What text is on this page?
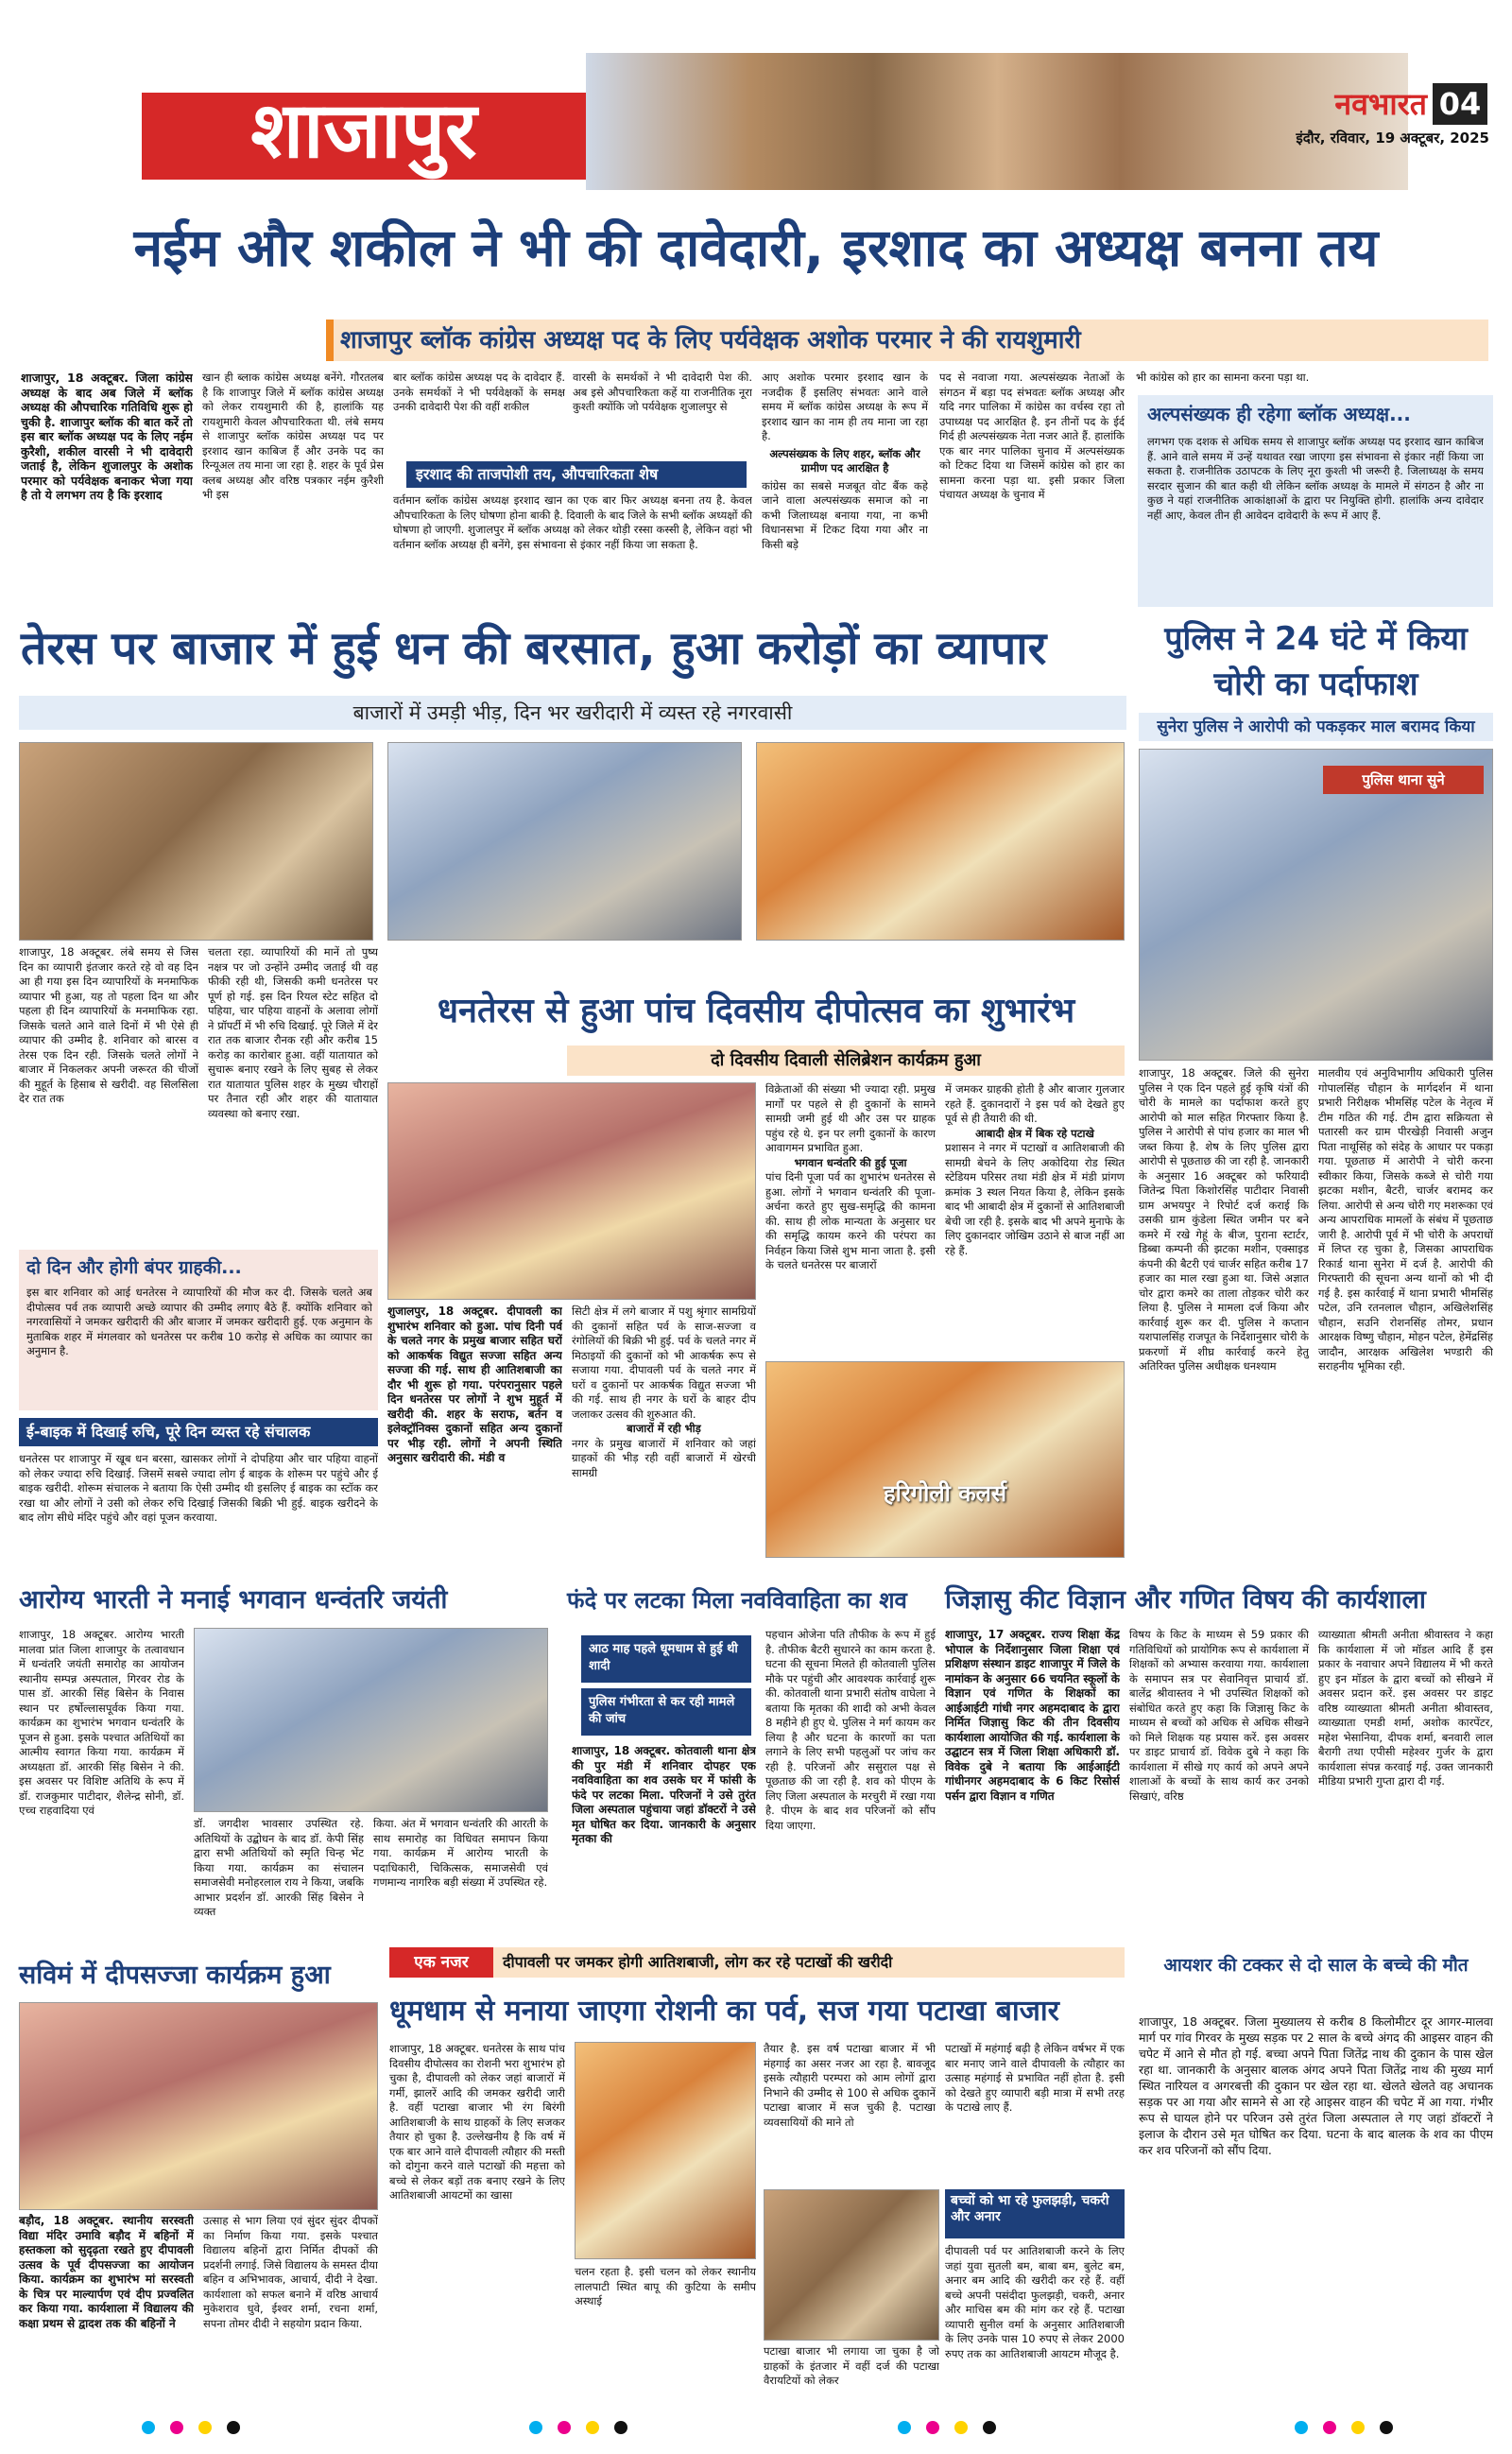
शाजापुर	नवभारत 04
इंदौर, रविवार, 19 अक्टूबर, 2025
नईम और शकील ने भी की दावेदारी, इरशाद का अध्यक्ष बनना तय
शाजापुर ब्लॉक कांग्रेस अध्यक्ष पद के लिए पर्यवेक्षक अशोक परमार ने की रायशुमारी
शाजापुर, 18 अक्टूबर. जिला कांग्रेस अध्यक्ष के बाद अब जिले में ब्लॉक अध्यक्ष की औपचारिक गतिविधि शुरू हो चुकी है. शाजापुर ब्लॉक की बात करें तो इस बार ब्लॉक अध्यक्ष पद के लिए नईम कुरैशी, शकील वारसी ने भी दावेदारी जताई है, लेकिन शुजालपुर के अशोक परमार को पर्यवेक्षक बनाकर भेजा गया है तो ये लगभग तय है कि इरशाद
खान ही ब्लाक कांग्रेस अध्यक्ष बनेंगे. गौरतलब है कि शाजापुर जिले में ब्लॉक कांग्रेस अध्यक्ष को लेकर रायशुमारी की है, हालांकि यह रायशुमारी केवल औपचारिकता थी. लंबे समय से शाजापुर ब्लॉक कांग्रेस अध्यक्ष पद पर इरशाद खान काबिज हैं और उनके पद का रिन्यूअल तय माना जा रहा है. शहर के पूर्व प्रेस क्लब अध्यक्ष और वरिष्ठ पत्रकार नईम कुरैशी भी इस
बार ब्लॉक कांग्रेस अध्यक्ष पद के दावेदार हैं. उनके समर्थकों ने भी पर्यवेक्षकों के समक्ष उनकी दावेदारी पेश की वहीं शकील
वारसी के समर्थकों ने भी दावेदारी पेश की. अब इसे औपचारिकता कहें या राजनीतिक नूरा कुश्ती क्योंकि जो पर्यवेक्षक शुजालपुर से
आए अशोक परमार इरशाद खान के नजदीक हैं इसलिए संभवतः आने वाले समय में ब्लॉक कांग्रेस अध्यक्ष के रूप में इरशाद खान का नाम ही तय माना जा रहा है.
अल्पसंख्यक के लिए शहर, ब्लॉक और ग्रामीण पद आरक्षित है
कांग्रेस का सबसे मजबूत वोट बैंक कहे जाने वाला अल्पसंख्यक समाज को ना कभी जिलाध्यक्ष बनाया गया, ना कभी विधानसभा में टिकट दिया गया और ना किसी बड़े
पद से नवाजा गया. अल्पसंख्यक नेताओं के संगठन में बड़ा पद संभवतः ब्लॉक अध्यक्ष और यदि नगर पालिका में कांग्रेस का वर्चस्व रहा तो उपाध्यक्ष पद आरक्षित है. इन तीनों पद के ईर्द गिर्द ही अल्पसंख्यक नेता नजर आते हैं. हालांकि एक बार नगर पालिका चुनाव में अल्पसंख्यक को टिकट दिया था जिसमें कांग्रेस को हार का सामना करना पड़ा था. इसी प्रकार जिला पंचायत अध्यक्ष के चुनाव में
भी कांग्रेस को हार का सामना करना पड़ा था.
इरशाद की ताजपोशी तय, औपचारिकता शेष
वर्तमान ब्लॉक कांग्रेस अध्यक्ष इरशाद खान का एक बार फिर अध्यक्ष बनना तय है. केवल औपचारिकता के लिए घोषणा होना बाकी है. दिवाली के बाद जिले के सभी ब्लॉक अध्यक्षों की घोषणा हो जाएगी. शुजालपुर में ब्लॉक अध्यक्ष को लेकर थोड़ी रस्सा कस्सी है, लेकिन वहां भी वर्तमान ब्लॉक अध्यक्ष ही बनेंगे, इस संभावना से इंकार नहीं किया जा सकता है.
अल्पसंख्यक ही रहेगा ब्लॉक अध्यक्ष...
लगभग एक दशक से अधिक समय से शाजापुर ब्लॉक अध्यक्ष पद इरशाद खान काबिज हैं. आने वाले समय में उन्हें यथावत रखा जाएगा इस संभावना से इंकार नहीं किया जा सकता है. राजनीतिक उठापटक के लिए नूरा कुश्ती भी जरूरी है. जिलाध्यक्ष के समय सरदार सुजान की बात कही थी लेकिन ब्लॉक अध्यक्ष के मामले में संगठन है और ना कुछ ने यहां राजनीतिक आकांक्षाओं के द्वारा पर नियुक्ति होगी. हालांकि अन्य दावेदार नहीं आए, केवल तीन ही आवेदन दावेदारी के रूप में आए हैं.
तेरस पर बाजार में हुई धन की बरसात, हुआ करोड़ों का व्यापार
बाजारों में उमड़ी भीड़, दिन भर खरीदारी में व्यस्त रहे नगरवासी
शाजापुर, 18 अक्टूबर. लंबे समय से जिस दिन का व्यापारी इंतजार करते रहे वो वह दिन आ ही गया इस दिन व्यापारियों के मनमाफिक व्यापार भी हुआ, यह तो पहला दिन था और पहला ही दिन व्यापारियों के मनमाफिक रहा. जिसके चलते आने वाले दिनों में भी ऐसे ही व्यापार की उम्मीद है. शनिवार को बारस व तेरस एक दिन रही. जिसके चलते लोगों ने बाजार में निकलकर अपनी जरूरत की चीजों की मुहूर्त के हिसाब से खरीदी. वह सिलसिला देर रात तक
चलता रहा. व्यापारियों की मानें तो पुष्य नक्षत्र पर जो उन्होंने उम्मीद जताई थी वह फीकी रही थी, जिसकी कमी धनतेरस पर पूर्ण हो गई. इस दिन रियल स्टेट सहित दो पहिया, चार पहिया वाहनों के अलावा लोगों ने प्रॉपर्टी में भी रुचि दिखाई. पूरे जिले में देर रात तक बाजार रौनक रही और करीब 15 करोड़ का कारोबार हुआ. वहीं यातायात को सुचारू बनाए रखने के लिए सुबह से लेकर रात यातायात पुलिस शहर के मुख्य चौराहों पर तैनात रही और शहर की यातायात व्यवस्था को बनाए रखा.
दो दिन और होगी बंपर ग्राहकी...
इस बार शनिवार को आई धनतेरस ने व्यापारियों की मौज कर दी. जिसके चलते अब दीपोत्सव पर्व तक व्यापारी अच्छे व्यापार की उम्मीद लगाए बैठे हैं. क्योंकि शनिवार को नगरवासियों ने जमकर खरीदारी की और बाजार में जमकर खरीदारी हुई. एक अनुमान के मुताबिक शहर में मंगलवार को धनतेरस पर करीब 10 करोड़ से अधिक का व्यापार का अनुमान है.
ई-बाइक में दिखाई रुचि, पूरे दिन व्यस्त रहे संचालक
धनतेरस पर शाजापुर में खूब धन बरसा, खासकर लोगों ने दोपहिया और चार पहिया वाहनों को लेकर ज्यादा रुचि दिखाई. जिसमें सबसे ज्यादा लोग ई बाइक के शोरूम पर पहुंचे और ई बाइक खरीदी. शोरूम संचालक ने बताया कि ऐसी उम्मीद थी इसलिए ई बाइक का स्टॉक कर रखा था और लोगों ने उसी को लेकर रुचि दिखाई जिसकी बिक्री भी हुई. बाइक खरीदने के बाद लोग सीधे मंदिर पहुंचे और वहां पूजन करवाया.
पुलिस ने 24 घंटे में किया चोरी का पर्दाफाश
सुनेरा पुलिस ने आरोपी को पकड़कर माल बरामद किया
पुलिस थाना सुने
शाजापुर, 18 अक्टूबर. जिले की सुनेरा पुलिस ने एक दिन पहले हुई कृषि यंत्रों की चोरी के मामले का पर्दाफाश करते हुए आरोपी को माल सहित गिरफ्तार किया है. पुलिस ने आरोपी से पांच हजार का माल भी जब्त किया है. शेष के लिए पुलिस द्वारा आरोपी से पूछताछ की जा रही है. जानकारी के अनुसार 16 अक्टूबर को फरियादी जितेन्द्र पिता किशोरसिंह पाटीदार निवासी ग्राम अभयपुर ने रिपोर्ट दर्ज कराई कि उसकी ग्राम कुंडेला स्थित जमीन पर बने कमरे में रखे गेहूं के बीज, पुराना स्टार्टर, डिब्बा कम्पनी की झटका मशीन, एक्साइड कंपनी की बैटरी एवं चार्जर सहित करीब 17 हजार का माल रखा हुआ था. जिसे अज्ञात चोर द्वारा कमरे का ताला तोड़कर चोरी कर लिया है. पुलिस ने मामला दर्ज किया और कार्रवाई शुरू कर दी. पुलिस ने कप्तान यशपालसिंह राजपूत के निर्देशानुसार चोरी के प्रकरणों में शीघ्र कार्रवाई करने हेतु अतिरिक्त पुलिस अधीक्षक धनश्याम
मालवीय एवं अनुविभागीय अधिकारी पुलिस गोपालसिंह चौहान के मार्गदर्शन में थाना प्रभारी निरीक्षक भीमसिंह पटेल के नेतृत्व में टीम गठित की गई. टीम द्वारा सक्रियता से पतारसी कर ग्राम पीरखेड़ी निवासी अजुन पिता नाथूसिंह को संदेह के आधार पर पकड़ा गया. पूछताछ में आरोपी ने चोरी करना स्वीकार किया, जिसके कब्जे से चोरी गया झटका मशीन, बैटरी, चार्जर बरामद कर लिया. आरोपी से अन्य चोरी गए मशरूका एवं अन्य आपराधिक मामलों के संबंध में पूछताछ जारी है. आरोपी पूर्व में भी चोरी के अपराधों में लिप्त रह चुका है, जिसका आपराधिक रिकार्ड थाना सुनेरा में दर्ज है. आरोपी की गिरफ्तारी की सूचना अन्य थानों को भी दी गई है. इस कार्रवाई में थाना प्रभारी भीमसिंह पटेल, उनि रतनलाल चौहान, अखिलेशसिंह चौहान, सउनि रोशनसिंह तोमर, प्रधान आरक्षक विष्णु चौहान, मोहन पटेल, हेमेंद्रसिंह जादौन, आरक्षक अखिलेश भण्डारी की सराहनीय भूमिका रही.
धनतेरस से हुआ पांच दिवसीय दीपोत्सव का शुभारंभ
दो दिवसीय दिवाली सेलिब्रेशन कार्यक्रम हुआ
शुजालपुर, 18 अक्टूबर. दीपावली का शुभारंभ शनिवार को हुआ. पांच दिनी पर्व के चलते नगर के प्रमुख बाजार सहित घरों को आकर्षक विद्युत सज्जा सहित अन्य सज्जा की गई. साथ ही आतिशबाजी का दौर भी शुरू हो गया. परंपरानुसार पहले दिन धनतेरस पर लोगों ने शुभ मुहूर्त में खरीदी की. शहर के सराफ, बर्तन व इलेक्ट्रॉनिक्स दुकानों सहित अन्य दुकानों पर भीड़ रही. लोगों ने अपनी स्थिति अनुसार खरीदारी की. मंडी व
सिटी क्षेत्र में लगे बाजार में पशु श्रृंगार सामग्रियों की दुकानों सहित पर्व के साज-सज्जा व रंगोलियों की बिक्री भी हुई. पर्व के चलते नगर में मिठाइयों की दुकानों को भी आकर्षक रूप से सजाया गया. दीपावली पर्व के चलते नगर में घरों व दुकानों पर आकर्षक विद्युत सज्जा भी की गई. साथ ही नगर के घरों के बाहर दीप जलाकर उत्सव की शुरुआत की.
बाजारों में रही भीड़
नगर के प्रमुख बाजारों में शनिवार को जहां ग्राहकों की भीड़ रही वहीं बाजारों में खेरची सामग्री
विक्रेताओं की संख्या भी ज्यादा रही. प्रमुख मार्गों पर पहले से ही दुकानों के सामने सामग्री जमी हुई थी और उस पर ग्राहक पहुंच रहे थे. इन पर लगी दुकानों के कारण आवागमन प्रभावित हुआ.
भगवान धन्वंतरि की हुई पूजा
पांच दिनी पूजा पर्व का शुभारंभ धनतेरस से हुआ. लोगों ने भगवान धन्वंतरि की पूजा-अर्चना करते हुए सुख-समृद्धि की कामना की. साथ ही लोक मान्यता के अनुसार घर की समृद्धि कायम करने की परंपरा का निर्वहन किया जिसे शुभ माना जाता है. इसी के चलते धनतेरस पर बाजारों
में जमकर ग्राहकी होती है और बाजार गुलजार रहते हैं. दुकानदारों ने इस पर्व को देखते हुए पूर्व से ही तैयारी की थी.
आबादी क्षेत्र में बिक रहे पटाखे
प्रशासन ने नगर में पटाखों व आतिशबाजी की सामग्री बेचने के लिए अकोदिया रोड स्थित स्टेडियम परिसर तथा मंडी क्षेत्र में मंडी प्रांगण क्रमांक 3 स्थल नियत किया है, लेकिन इसके बाद भी आबादी क्षेत्र में दुकानों से आतिशबाजी बेची जा रही है. इसके बाद भी अपने मुनाफे के लिए दुकानदार जोखिम उठाने से बाज नहीं आ रहे हैं.
हरिगोली कलर्स
आरोग्य भारती ने मनाई भगवान धन्वंतरि जयंती
शाजापुर, 18 अक्टूबर. आरोग्य भारती मालवा प्रांत जिला शाजापुर के तत्वावधान में धन्वंतरि जयंती समारोह का आयोजन स्थानीय सम्पन्न अस्पताल, गिरवर रोड के पास डॉ. आरकी सिंह बिसेन के निवास स्थान पर हर्षोल्लासपूर्वक किया गया. कार्यक्रम का शुभारंभ भगवान धन्वंतरि के पूजन से हुआ. इसके पश्चात अतिथियों का आत्मीय स्वागत किया गया. कार्यक्रम में अध्यक्षता डॉ. आरकी सिंह बिसेन ने की. इस अवसर पर विशिष्ट अतिथि के रूप में डॉ. राजकुमार पाटीदार, शैलेन्द्र सोनी, डॉ. एच्च राहवादिया एवं
डॉ. जगदीश भावसार उपस्थित रहे. अतिथियों के उद्बोधन के बाद डॉ. केपी सिंह द्वारा सभी अतिथियों को स्मृति चिन्ह भेंट किया गया. कार्यक्रम का संचालन समाजसेवी मनोहरलाल राय ने किया, जबकि आभार प्रदर्शन डॉ. आरकी सिंह बिसेन ने व्यक्त
किया. अंत में भगवान धन्वंतरि की आरती के साथ समारोह का विधिवत समापन किया गया. कार्यक्रम में आरोग्य भारती के पदाधिकारी, चिकित्सक, समाजसेवी एवं गणमान्य नागरिक बड़ी संख्या में उपस्थित रहे.
फंदे पर लटका मिला नवविवाहिता का शव
आठ माह पहले धूमधाम से हुई थी शादी
पुलिस गंभीरता से कर रही मामले की जांच
शाजापुर, 18 अक्टूबर. कोतवाली थाना क्षेत्र की पुर मंडी में शनिवार दोपहर एक नवविवाहिता का शव उसके घर में फांसी के फंदे पर लटका मिला. परिजनों ने उसे तुरंत जिला अस्पताल पहुंचाया जहां डॉक्टरों ने उसे मृत घोषित कर दिया. जानकारी के अनुसार मृतका की
पहचान ओजेना पति तौफीक के रूप में हुई है. तौफीक बैटरी सुधारने का काम करता है. घटना की सूचना मिलते ही कोतवाली पुलिस मौके पर पहुंची और आवश्यक कार्रवाई शुरू की. कोतवाली थाना प्रभारी संतोष वाघेला ने बताया कि मृतका की शादी को अभी केवल 8 महीने ही हुए थे. पुलिस ने मर्ग कायम कर लिया है और घटना के कारणों का पता लगाने के लिए सभी पहलुओं पर जांच कर रही है. परिजनों और ससुराल पक्ष से पूछताछ की जा रही है. शव को पीएम के लिए जिला अस्पताल के मरचुरी में रखा गया है. पीएम के बाद शव परिजनों को सौंप दिया जाएगा.
जिज्ञासु कीट विज्ञान और गणित विषय की कार्यशाला
शाजापुर, 17 अक्टूबर. राज्य शिक्षा केंद्र भोपाल के निर्देशानुसार जिला शिक्षा एवं प्रशिक्षण संस्थान डाइट शाजापुर में जिले के नामांकन के अनुसार 66 चयनित स्कूलों के विज्ञान एवं गणित के शिक्षकों का आईआईटी गांधी नगर अहमदाबाद के द्वारा निर्मित जिज्ञासु किट की तीन दिवसीय कार्यशाला आयोजित की गई. कार्यशाला के उद्घाटन सत्र में जिला शिक्षा अधिकारी डॉ. विवेक दुबे ने बताया कि आईआईटी गांधीनगर अहमदाबाद के 6 किट रिसोर्स पर्सन द्वारा विज्ञान व गणित
विषय के किट के माध्यम से 59 प्रकार की गतिविधियों को प्रायोगिक रूप से कार्यशाला में शिक्षकों को अभ्यास करवाया गया. कार्यशाला के समापन सत्र पर सेवानिवृत्त प्राचार्य डॉ. बालेंद्र श्रीवास्तव ने भी उपस्थित शिक्षकों को संबोधित करते हुए कहा कि जिज्ञासु किट के माध्यम से बच्चों को अधिक से अधिक सीखने को मिले शिक्षक यह प्रयास करें. इस अवसर पर डाइट प्राचार्य डॉ. विवेक दुबे ने कहा कि कार्यशाला में सीखे गए कार्य को अपने अपने शालाओं के बच्चों के साथ कार्य कर उनको सिखाएं, वरिष्ठ
व्याख्याता श्रीमती अनीता श्रीवास्तव ने कहा कि कार्यशाला में जो मॉडल आदि हैं इस प्रकार के नवाचार अपने विद्यालय में भी करते हुए इन मॉडल के द्वारा बच्चों को सीखने में अवसर प्रदान करें. इस अवसर पर डाइट वरिष्ठ व्याख्याता श्रीमती अनीता श्रीवास्तव, व्याख्याता एमडी शर्मा, अशोक कारपेंटर, महेश भेसानिया, दीपक शर्मा, बनवारी लाल बैरागी तथा एपीसी महेश्वर गुर्जर के द्वारा कार्यशाला संपन्न करवाई गई. उक्त जानकारी मीडिया प्रभारी गुप्ता द्वारा दी गई.
सविमं में दीपसज्जा कार्यक्रम हुआ
बड़ौद, 18 अक्टूबर. स्थानीय सरस्वती विद्या मंदिर उमावि बड़ौद में बहिनों में हस्तकला को सुदृढ़ता रखते हुए दीपावली उत्सव के पूर्व दीपसज्जा का आयोजन किया. कार्यक्रम का शुभारंभ मां सरस्वती के चित्र पर माल्यार्पण एवं दीप प्रज्वलित कर किया गया. कार्यशाला में विद्यालय की कक्षा प्रथम से द्वादश तक की बहिनों ने
उत्साह से भाग लिया एवं सुंदर सुंदर दीपकों का निर्माण किया गया. इसके पश्चात विद्यालय बहिनों द्वारा निर्मित दीपकों की प्रदर्शनी लगाई. जिसे विद्यालय के समस्त दीया बहिन व अभिभावक, आचार्य, दीदी ने देखा. कार्यशाला को सफल बनाने में वरिष्ठ आचार्य मुकेशराव धुवे, ईश्वर शर्मा, रचना शर्मा, सपना तोमर दीदी ने सहयोग प्रदान किया.
एक नजर	दीपावली पर जमकर होगी आतिशबाजी, लोग कर रहे पटाखों की खरीदी
धूमधाम से मनाया जाएगा रोशनी का पर्व, सज गया पटाखा बाजार
शाजापुर, 18 अक्टूबर. धनतेरस के साथ पांच दिवसीय दीपोत्सव का रोशनी भरा शुभारंभ हो चुका है, दीपावली को लेकर जहां बाजारों में गर्मी, झालरें आदि की जमकर खरीदी जारी है. वहीं पटाखा बाजार भी रंग बिरंगी आतिशबाजी के साथ ग्राहकों के लिए सजकर तैयार हो चुका है. उल्लेखनीय है कि वर्ष में एक बार आने वाले दीपावली त्यौहार की मस्ती को दोगुना करने वाले पटाखों की महत्ता को बच्चे से लेकर बड़ों तक बनाए रखने के लिए आतिशबाजी आयटमों का खासा
तैयार है. इस वर्ष पटाखा बाजार में भी मंहगाई का असर नजर आ रहा है. बावजूद इसके त्यौहारी परम्परा को आम लोगों द्वारा निभाने की उम्मीद से 100 से अधिक दुकानें पटाखा बाजार में सज चुकी है. पटाखा व्यवसायियों की माने तो
पटाखों में महंगाई बढ़ी है लेकिन वर्षभर में एक बार मनाए जाने वाले दीपावली के त्यौहार का उत्साह महंगाई से प्रभावित नहीं होता है. इसी को देखते हुए व्यापारी बड़ी मात्रा में सभी तरह के पटाखे लाए हैं.
बच्चों को भा रहे फुलझड़ी, चकरी और अनार
दीपावली पर्व पर आतिशबाजी करने के लिए जहां युवा सुतली बम, बाबा बम, बुलेट बम, अनार बम आदि की खरीदी कर रहे हैं. वहीं बच्चे अपनी पसंदीदा फुलझड़ी, चकरी, अनार और माचिस बम की मांग कर रहे हैं. पटाखा व्यापारी सुनील वर्मा के अनुसार आतिशबाजी के लिए उनके पास 10 रुपए से लेकर 2000 रुपए तक का आतिशबाजी आयटम मौजूद है.
चलन रहता है. इसी चलन को लेकर स्थानीय लालपाटी स्थित बापू की कुटिया के समीप अस्थाई
पटाखा बाजार भी लगाया जा चुका है जो ग्राहकों के इंतजार में वहीं दर्ज की पटाखा वैरायटियों को लेकर
आयशर की टक्कर से दो साल के बच्चे की मौत
शाजापुर, 18 अक्टूबर. जिला मुख्यालय से करीब 8 किलोमीटर दूर आगर-मालवा मार्ग पर गांव गिरवर के मुख्य सड़क पर 2 साल के बच्चे अंगद की आइसर वाहन की चपेट में आने से मौत हो गई. बच्चा अपने पिता जितेंद्र नाथ की दुकान के पास खेल रहा था. जानकारी के अनुसार बालक अंगद अपने पिता जितेंद्र नाथ की मुख्य मार्ग स्थित नारियल व अगरबत्ती की दुकान पर खेल रहा था. खेलते खेलते वह अचानक सड़क पर आ गया और सामने से आ रहे आइसर वाहन की चपेट में आ गया. गंभीर रूप से घायल होने पर परिजन उसे तुरंत जिला अस्पताल ले गए जहां डॉक्टरों ने इलाज के दौरान उसे मृत घोषित कर दिया. घटना के बाद बालक के शव का पीएम कर शव परिजनों को सौंप दिया.
